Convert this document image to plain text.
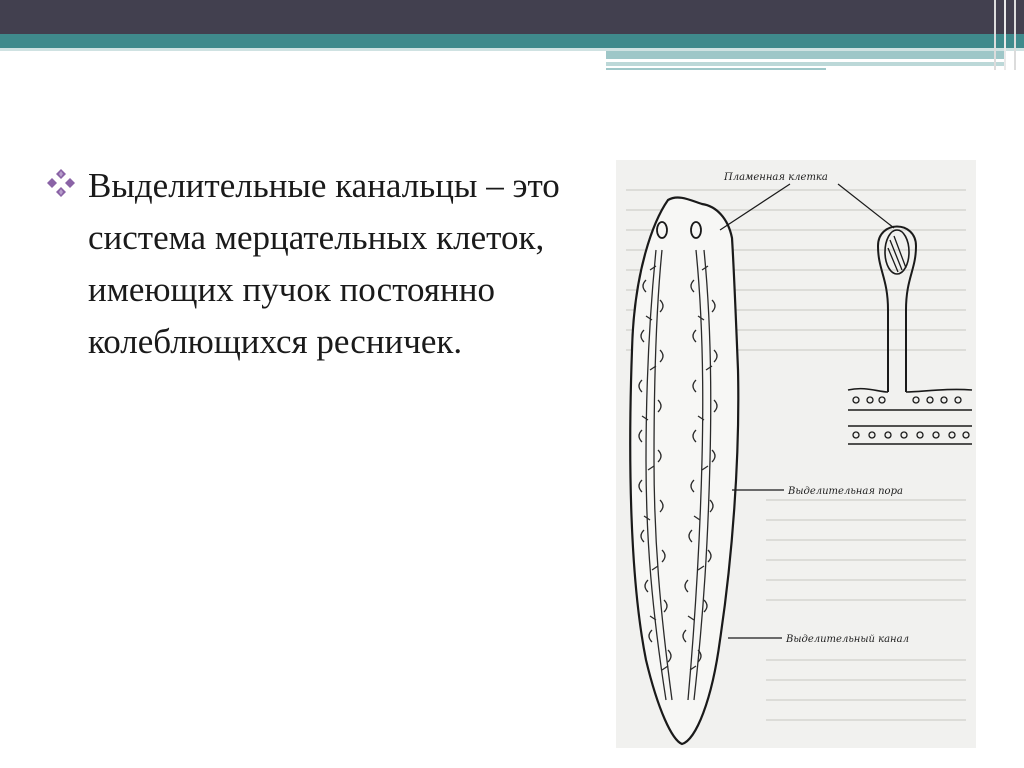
Выделительные канальцы – это система мерцательных клеток, имеющих пучок постоянно колеблющихся ресничек.

Пламенная клетка
Выделительная пора
Выделительный канал
